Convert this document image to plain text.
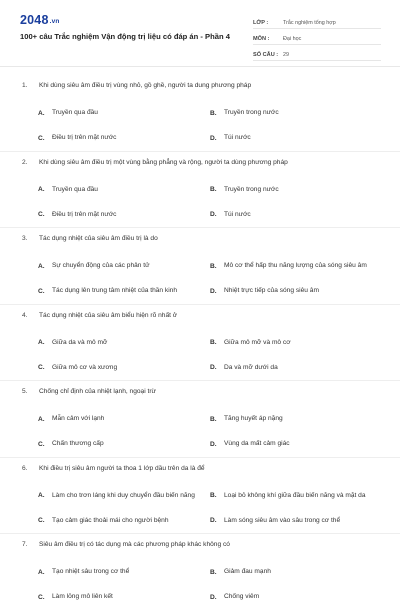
2048.vn
100+ câu Trắc nghiệm Vận động trị liệu có đáp án - Phần 4
LỚP :	Trắc nghiệm tổng hợp
MÔN :	Đại học
SỐ CÂU : 29
1. Khi dùng siêu âm điều trị vùng nhỏ, gồ ghề, người ta dung phương pháp
A.	Truyền qua đầu	B.	Truyền trong nước
C.	Điều trị trên mặt nước	D.	Túi nước
2. Khi dùng siêu âm điều trị một vùng bằng phẳng và rộng, người ta dùng phương pháp
A.	Truyền qua đầu	B.	Truyền trong nước
C.	Điều trị trên mặt nước	D.	Túi nước
3. Tác dụng nhiệt của siêu âm điều trị là do
A.	Sự chuyển động của các phân tử	B.	Mô cơ thể hấp thu năng lượng của sóng siêu âm
C.	Tác dụng lên trung tâm nhiệt của thần kinh	D.	Nhiệt trực tiếp của sóng siêu âm
4. Tác dụng nhiệt của siêu âm biểu hiện rõ nhất ở
A.	Giữa da và mô mỡ	B.	Giữa mô mỡ và mô cơ
C.	Giữa mô cơ và xương	D.	Da và mỡ dưới da
5. Chống chỉ định của nhiệt lạnh, ngoại trừ
A.	Mẫn cảm với lạnh	B.	Tăng huyết áp nặng
C.	Chấn thương cấp	D.	Vùng da mất cảm giác
6. Khi điều trị siêu âm người ta thoa 1 lớp dầu trên da là để
A.	Làm cho trơn láng khi duy chuyển đầu biến năng B.	Loại bỏ không khí giữa đầu biến năng và mặt da
C.	Tạo cảm giác thoải mái cho người bệnh	D.	Làm sóng siêu âm vào sâu trong cơ thể
7. Siêu âm điều trị có tác dụng mà các phương pháp khác không có
A.	Tạo nhiệt sâu trong cơ thể	B.	Giảm đau mạnh
C.	Làm lỏng mô liên kết	D.	Chống viêm
